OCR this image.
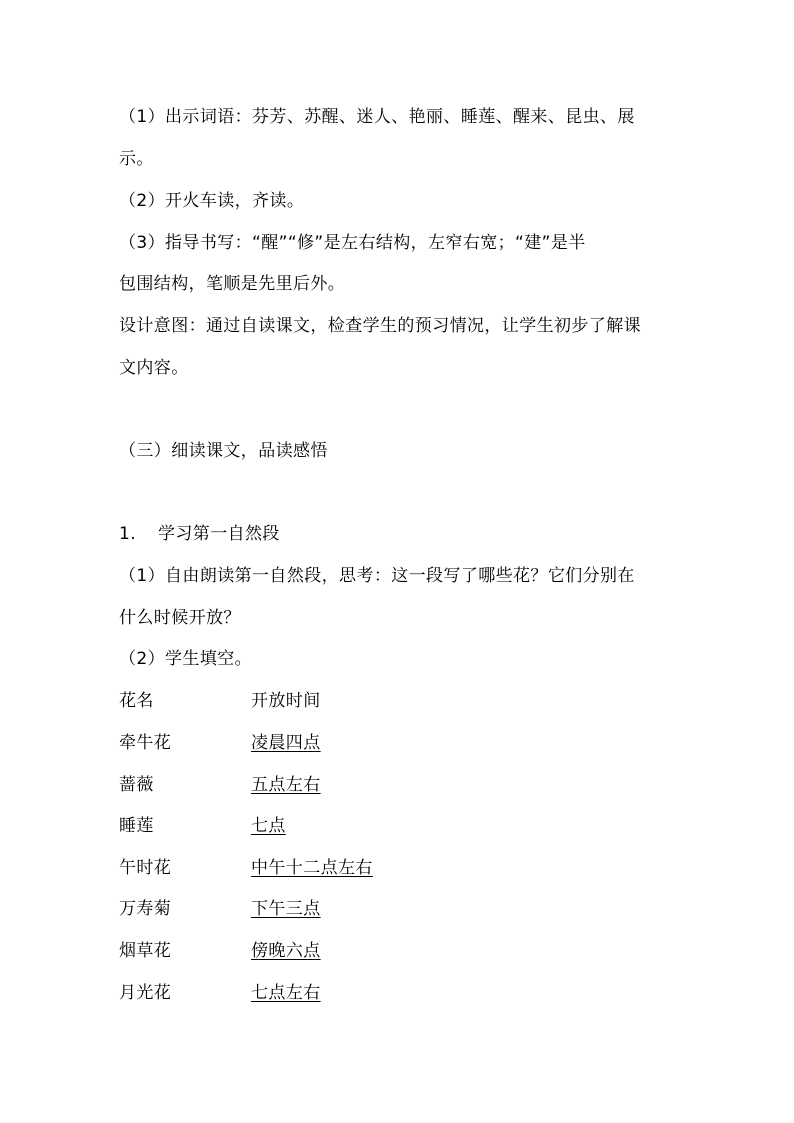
（1）出示词语：芬芳、苏醒、迷人、艳丽、睡莲、醒来、昆虫、展
示。
（2）开火车读，齐读。
（3）指导书写：“醒”“修”是左右结构，左窄右宽；“建”是半
包围结构，笔顺是先里后外。
设计意图：通过自读课文，检查学生的预习情况，让学生初步了解课
文内容。
（三）细读课文，品读感悟
1. 学习第一自然段
（1）自由朗读第一自然段，思考：这一段写了哪些花？它们分别在
什么时候开放？
（2）学生填空。
花名	开放时间
牵牛花	凌晨四点
蔷薇	五点左右
睡莲	七点
午时花	中午十二点左右
万寿菊	下午三点
烟草花	傍晚六点
月光花	七点左右
